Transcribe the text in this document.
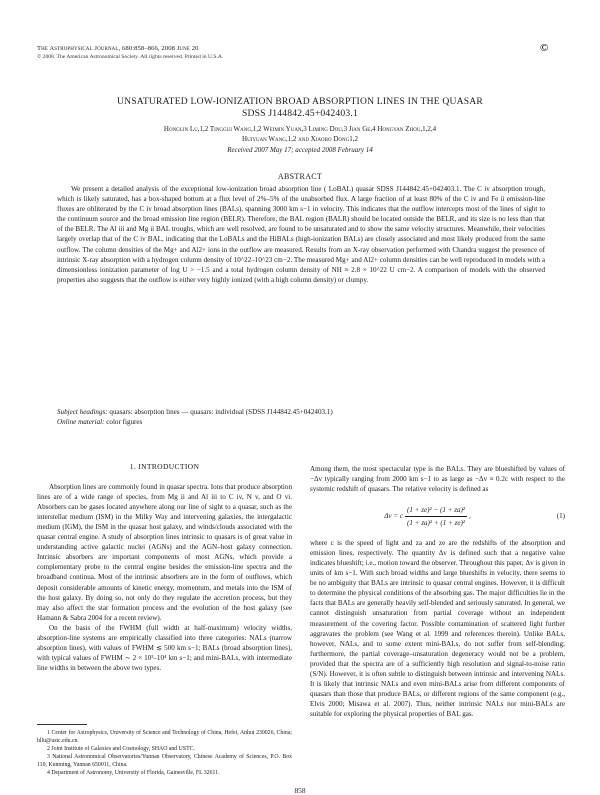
The Astrophysical Journal, 680:858–866, 2008 June 20
© 2008. The American Astronomical Society. All rights reserved. Printed in U.S.A.
©
UNSATURATED LOW-IONIZATION BROAD ABSORPTION LINES IN THE QUASAR
SDSS J144842.45+042403.1
Honglin Lu,1,2 Tinggui Wang,1,2 Weimin Yuan,3 Liming Dou,3 Jian Ge,4 Hongyan Zhou,1,2,4
Huiyuan Wang,1,2 and Xiaobo Dong1,2
Received 2007 May 17; accepted 2008 February 14
ABSTRACT
We present a detailed analysis of the exceptional low-ionization broad absorption line ( LoBAL) quasar SDSS J144842.45+042403.1. The C iv absorption trough, which is likely saturated, has a box-shaped bottom at a flux level of 2%–5% of the unabsorbed flux. A large fraction of at least 80% of the C iv and Fe ii emission-line fluxes are obliterated by the C iv broad absorption lines (BALs), spanning 3000 km s−1 in velocity. This indicates that the outflow intercepts most of the lines of sight to the continuum source and the broad emission line region (BELR). Therefore, the BAL region (BALR) should be located outside the BELR, and its size is no less than that of the BELR. The Al iii and Mg ii BAL troughs, which are well resolved, are found to be unsaturated and to show the same velocity structures. Meanwhile, their velocities largely overlap that of the C iv BAL, indicating that the LoBALs and the HiBALs (high-ionization BALs) are closely associated and most likely produced from the same outflow. The column densities of the Mg+ and Al2+ ions in the outflow are measured. Results from an X-ray observation performed with Chandra suggest the presence of intrinsic X-ray absorption with a hydrogen column density of 10^22–10^23 cm−2. The measured Mg+ and Al2+ column densities can be well reproduced in models with a dimensionless ionization parameter of log U > −1.5 and a total hydrogen column density of NH ≈ 2.8 × 10^22 U cm−2. A comparison of models with the observed properties also suggests that the outflow is either very highly ionized (with a high column density) or clumpy.
Subject headings: quasars: absorption lines — quasars: individual (SDSS J144842.45+042403.1)
Online material: color figures
1. INTRODUCTION

Absorption lines are commonly found in quasar spectra. Ions that produce absorption lines are of a wide range of species, from Mg ii and Al iii to C iv, N v, and O vi. Absorbers can be gases located anywhere along our line of sight to a quasar, such as the interstellar medium (ISM) in the Milky Way and intervening galaxies, the intergalactic medium (IGM), the ISM in the quasar host galaxy, and winds/clouds associated with the quasar central engine. A study of absorption lines intrinsic to quasars is of great value in understanding active galactic nuclei (AGNs) and the AGN–host galaxy connection. Intrinsic absorbers are important components of most AGNs, which provide a complementary probe to the central engine besides the emission-line spectra and the broadband continua. Most of the intrinsic absorbers are in the form of outflows, which deposit considerable amounts of kinetic energy, momentum, and metals into the ISM of the host galaxy. By doing so, not only do they regulate the accretion process, but they may also affect the star formation process and the evolution of the host galaxy (see Hamann & Sabra 2004 for a recent review).

On the basis of the FWHM (full width at half-maximum) velocity widths, absorption-line systems are empirically classified into three categories: NALs (narrow absorption lines), with values of FWHM ≲ 500 km s−1; BALs (broad absorption lines), with typical values of FWHM ∼ 2 × 10³–10⁴ km s−1; and mini-BALs, with intermediate line widths in between the above two types.

1 Center for Astrophysics, University of Science and Technology of China, Hefei, Anhui 230026, China; hllu@ustc.edu.cn.

2 Joint Institute of Galaxies and Cosmology, SHAO and USTC.

3 National Astronomical Observatories/Yunnan Observatory, Chinese Academy of Sciences, P.O. Box 110, Kunming, Yunnan 650011, China.

4 Department of Astronomy, University of Florida, Gainesville, FL 32611.

Among them, the most spectacular type is the BALs. They are blueshifted by values of −Δv typically ranging from 2000 km s−1 to as large as −Δv ≈ 0.2c with respect to the systemic redshift of quasars. The relative velocity is defined as

Δv = c $\frac{\text{(1 + ze)² − (1 + za)²}}{\text{(1 + za)² + (1 + ze)²}}$ ,	(1)

where c is the speed of light and za and ze are the redshifts of the absorption and emission lines, respectively. The quantity Δv is defined such that a negative value indicates blueshift; i.e., motion toward the observer. Throughout this paper, Δv is given in units of km s−1. With such broad widths and large blueshifts in velocity, there seems to be no ambiguity that BALs are intrinsic to quasar central engines. However, it is difficult to determine the physical conditions of the absorbing gas. The major difficulties lie in the facts that BALs are generally heavily self-blended and seriously saturated. In general, we cannot distinguish unsaturation from partial coverage without an independent measurement of the covering factor. Possible contamination of scattered light further aggravates the problem (see Wang et al. 1999 and references therein). Unlike BALs, however, NALs, and to some extent mini-BALs, do not suffer from self-blending; furthermore, the partial coverage–unsaturation degeneracy would not be a problem, provided that the spectra are of a sufficiently high resolution and signal-to-noise ratio (S/N). However, it is often subtle to distinguish between intrinsic and intervening NALs. It is likely that intrinsic NALs and even mini-BALs arise from different components of quasars than those that produce BALs, or different regions of the same component (e.g., Elvis 2000; Misawa et al. 2007). Thus, neither intrinsic NALs nor mini-BALs are suitable for exploring the physical properties of BAL gas.

858
